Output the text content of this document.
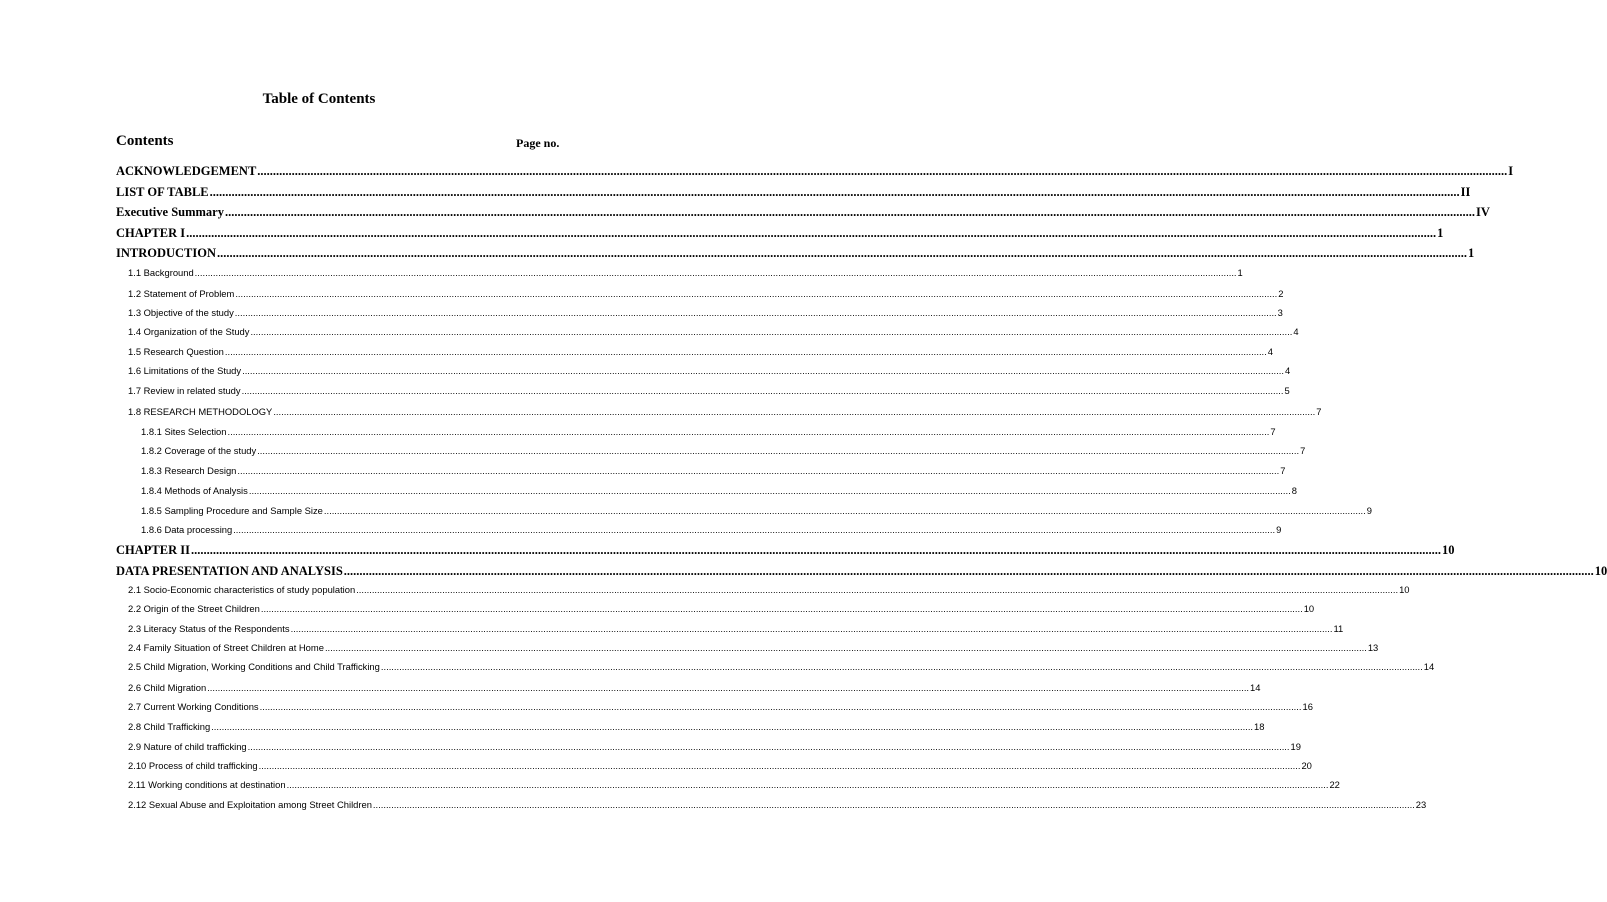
Table of Contents
Contents	Page no.
ACKNOWLEDGEMENT ................................................................................................................................................................................................................................................................................................................................................................................................................ I
LIST OF TABLE ................................................................................................................................................................................................................................................................................................................................................................................................................ II
Executive Summary ................................................................................................................................................................................................................................................................................................................................................................................................................ IV
CHAPTER I ................................................................................................................................................................................................................................................................................................................................................................................................................ 1
INTRODUCTION ................................................................................................................................................................................................................................................................................................................................................................................................................ 1
1.1 Background ................................................................................................................................................................................................................................................................................................................................................................................................................ 1
1.2 Statement of Problem ................................................................................................................................................................................................................................................................................................................................................................................................................ 2
1.3 Objective of the study ................................................................................................................................................................................................................................................................................................................................................................................................................ 3
1.4 Organization of the Study ................................................................................................................................................................................................................................................................................................................................................................................................................ 4
1.5 Research Question ................................................................................................................................................................................................................................................................................................................................................................................................................ 4
1.6 Limitations of the Study ................................................................................................................................................................................................................................................................................................................................................................................................................ 4
1.7 Review in related study ................................................................................................................................................................................................................................................................................................................................................................................................................ 5
1.8 RESEARCH METHODOLOGY ................................................................................................................................................................................................................................................................................................................................................................................................................ 7
1.8.1 Sites Selection ................................................................................................................................................................................................................................................................................................................................................................................................................ 7
1.8.2 Coverage of the study ................................................................................................................................................................................................................................................................................................................................................................................................................ 7
1.8.3 Research Design ................................................................................................................................................................................................................................................................................................................................................................................................................ 7
1.8.4 Methods of Analysis ................................................................................................................................................................................................................................................................................................................................................................................................................ 8
1.8.5 Sampling Procedure and Sample Size ................................................................................................................................................................................................................................................................................................................................................................................................................ 9
1.8.6 Data processing ................................................................................................................................................................................................................................................................................................................................................................................................................ 9
CHAPTER II ................................................................................................................................................................................................................................................................................................................................................................................................................ 10
DATA PRESENTATION AND ANALYSIS ................................................................................................................................................................................................................................................................................................................................................................................................................ 10
2.1 Socio-Economic characteristics of study population ................................................................................................................................................................................................................................................................................................................................................................................................................ 10
2.2 Origin of the Street Children ................................................................................................................................................................................................................................................................................................................................................................................................................ 10
2.3 Literacy Status of the Respondents ................................................................................................................................................................................................................................................................................................................................................................................................................ 11
2.4 Family Situation of Street Children at Home ................................................................................................................................................................................................................................................................................................................................................................................................................ 13
2.5 Child Migration, Working Conditions and Child Trafficking ................................................................................................................................................................................................................................................................................................................................................................................................................ 14
2.6 Child Migration ................................................................................................................................................................................................................................................................................................................................................................................................................ 14
2.7 Current Working Conditions ................................................................................................................................................................................................................................................................................................................................................................................................................ 16
2.8 Child Trafficking ................................................................................................................................................................................................................................................................................................................................................................................................................ 18
2.9 Nature of child trafficking ................................................................................................................................................................................................................................................................................................................................................................................................................ 19
2.10 Process of child trafficking ................................................................................................................................................................................................................................................................................................................................................................................................................ 20
2.11 Working conditions at destination ................................................................................................................................................................................................................................................................................................................................................................................................................ 22
2.12 Sexual Abuse and Exploitation among Street Children ................................................................................................................................................................................................................................................................................................................................................................................................................ 23
